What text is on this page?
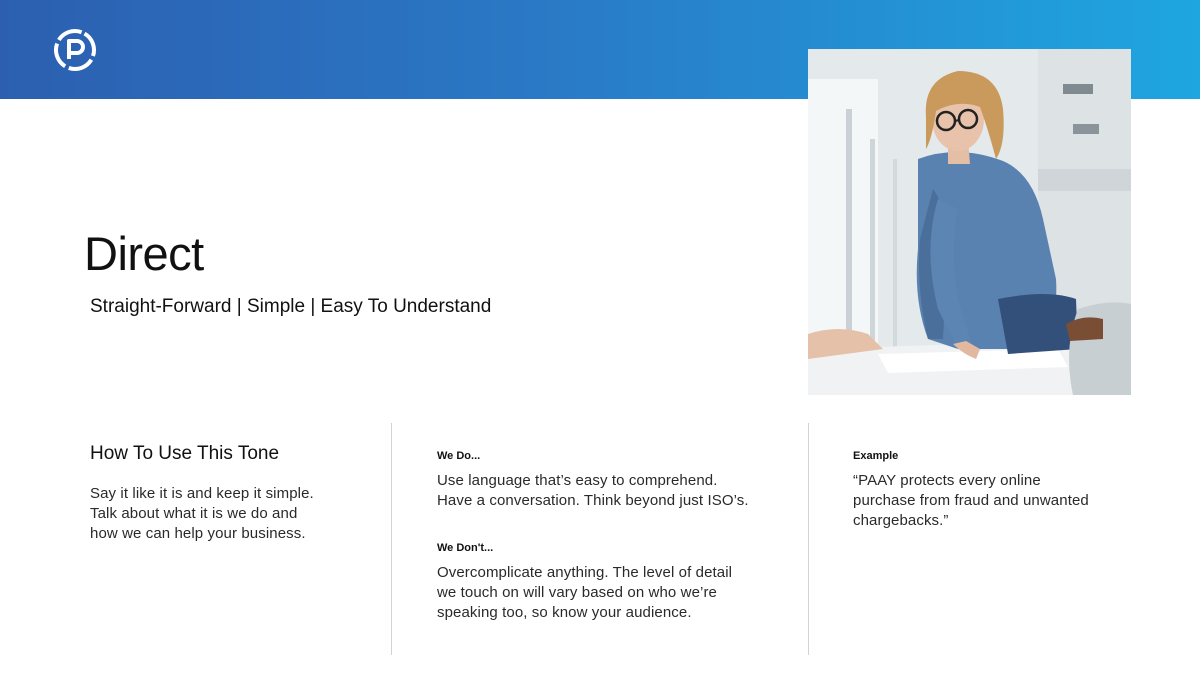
Direct
Straight-Forward | Simple | Easy To Understand
How To Use This Tone
Say it like it is and keep it simple.
Talk about what it is we do and
how we can help your business.
We Do...
Use language that’s easy to comprehend.
Have a conversation. Think beyond just ISO’s.
We Don't...
Overcomplicate anything. The level of detail
we touch on will vary based on who we’re
speaking too, so know your audience.
Example
“PAAY protects every online
purchase from fraud and unwanted
chargebacks.”
